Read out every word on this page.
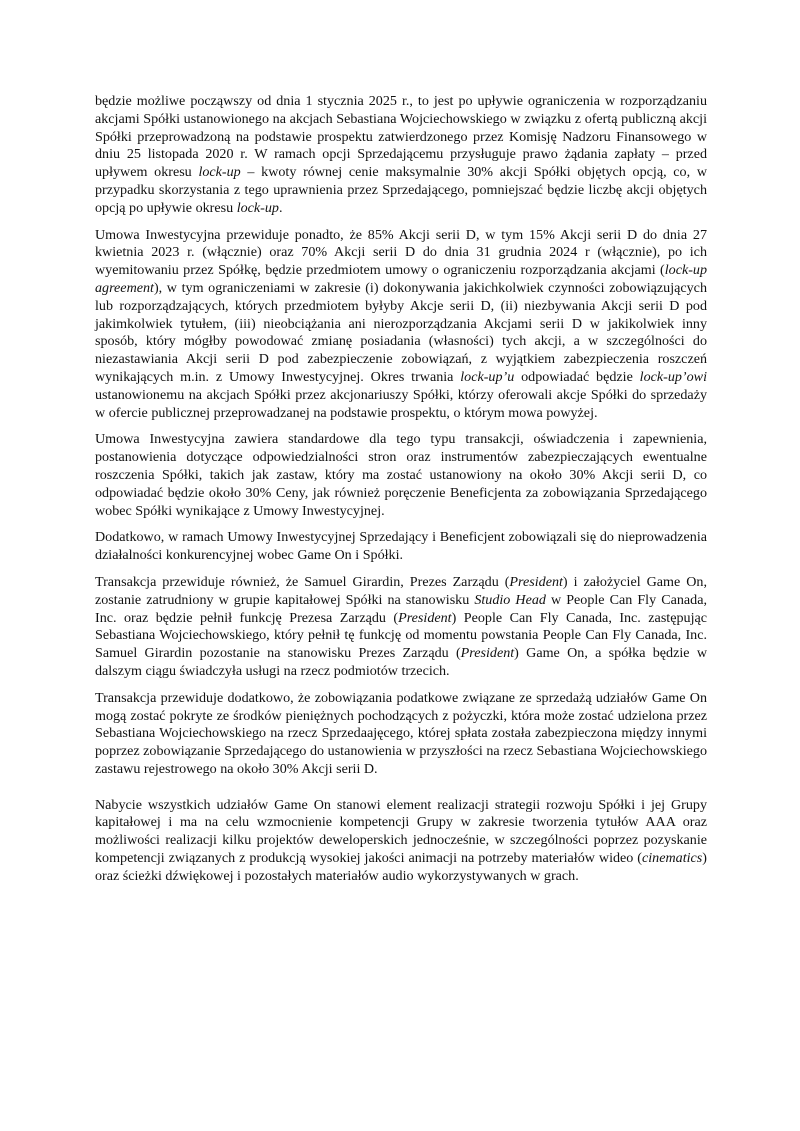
będzie możliwe począwszy od dnia 1 stycznia 2025 r., to jest po upływie ograniczenia w rozporządzaniu akcjami Spółki ustanowionego na akcjach Sebastiana Wojciechowskiego w związku z ofertą publiczną akcji Spółki przeprowadzoną na podstawie prospektu zatwierdzonego przez Komisję Nadzoru Finansowego w dniu 25 listopada 2020 r. W ramach opcji Sprzedającemu przysługuje prawo żądania zapłaty – przed upływem okresu lock-up – kwoty równej cenie maksymalnie 30% akcji Spółki objętych opcją, co, w przypadku skorzystania z tego uprawnienia przez Sprzedającego, pomniejszać będzie liczbę akcji objętych opcją po upływie okresu lock-up.

Umowa Inwestycyjna przewiduje ponadto, że 85% Akcji serii D, w tym 15% Akcji serii D do dnia 27 kwietnia 2023 r. (włącznie) oraz 70% Akcji serii D do dnia 31 grudnia 2024 r (włącznie), po ich wyemitowaniu przez Spółkę, będzie przedmiotem umowy o ograniczeniu rozporządzania akcjami (lock-up agreement), w tym ograniczeniami w zakresie (i) dokonywania jakichkolwiek czynności zobowiązujących lub rozporządzających, których przedmiotem byłyby Akcje serii D, (ii) niezbywania Akcji serii D pod jakimkolwiek tytułem, (iii) nieobciążania ani nierozporządzania Akcjami serii D w jakikolwiek inny sposób, który mógłby powodować zmianę posiadania (własności) tych akcji, a w szczególności do niezastawiania Akcji serii D pod zabezpieczenie zobowiązań, z wyjątkiem zabezpieczenia roszczeń wynikających m.in. z Umowy Inwestycyjnej. Okres trwania lock-up’u odpowiadać będzie lock-up’owi ustanowionemu na akcjach Spółki przez akcjonariuszy Spółki, którzy oferowali akcje Spółki do sprzedaży w ofercie publicznej przeprowadzanej na podstawie prospektu, o którym mowa powyżej.

Umowa Inwestycyjna zawiera standardowe dla tego typu transakcji, oświadczenia i zapewnienia, postanowienia dotyczące odpowiedzialności stron oraz instrumentów zabezpieczających ewentualne roszczenia Spółki, takich jak zastaw, który ma zostać ustanowiony na około 30% Akcji serii D, co odpowiadać będzie około 30% Ceny, jak również poręczenie Beneficjenta za zobowiązania Sprzedającego wobec Spółki wynikające z Umowy Inwestycyjnej.

Dodatkowo, w ramach Umowy Inwestycyjnej Sprzedający i Beneficjent zobowiązali się do nieprowadzenia działalności konkurencyjnej wobec Game On i Spółki.

Transakcja przewiduje również, że Samuel Girardin, Prezes Zarządu (President) i założyciel Game On, zostanie zatrudniony w grupie kapitałowej Spółki na stanowisku Studio Head w People Can Fly Canada, Inc. oraz będzie pełnił funkcję Prezesa Zarządu (President) People Can Fly Canada, Inc. zastępując Sebastiana Wojciechowskiego, który pełnił tę funkcję od momentu powstania People Can Fly Canada, Inc. Samuel Girardin pozostanie na stanowisku Prezes Zarządu (President) Game On, a spółka będzie w dalszym ciągu świadczyła usługi na rzecz podmiotów trzecich.

Transakcja przewiduje dodatkowo, że zobowiązania podatkowe związane ze sprzedażą udziałów Game On mogą zostać pokryte ze środków pieniężnych pochodzących z pożyczki, która może zostać udzielona przez Sebastiana Wojciechowskiego na rzecz Sprzedaajęcego, której spłata została zabezpieczona między innymi poprzez zobowiązanie Sprzedającego do ustanowienia w przyszłości na rzecz Sebastiana Wojciechowskiego zastawu rejestrowego na około 30% Akcji serii D.

Nabycie wszystkich udziałów Game On stanowi element realizacji strategii rozwoju Spółki i jej Grupy kapitałowej i ma na celu wzmocnienie kompetencji Grupy w zakresie tworzenia tytułów AAA oraz możliwości realizacji kilku projektów deweloperskich jednocześnie, w szczególności poprzez pozyskanie kompetencji związanych z produkcją wysokiej jakości animacji na potrzeby materiałów wideo (cinematics) oraz ścieżki dźwiękowej i pozostałych materiałów audio wykorzystywanych w grach.
